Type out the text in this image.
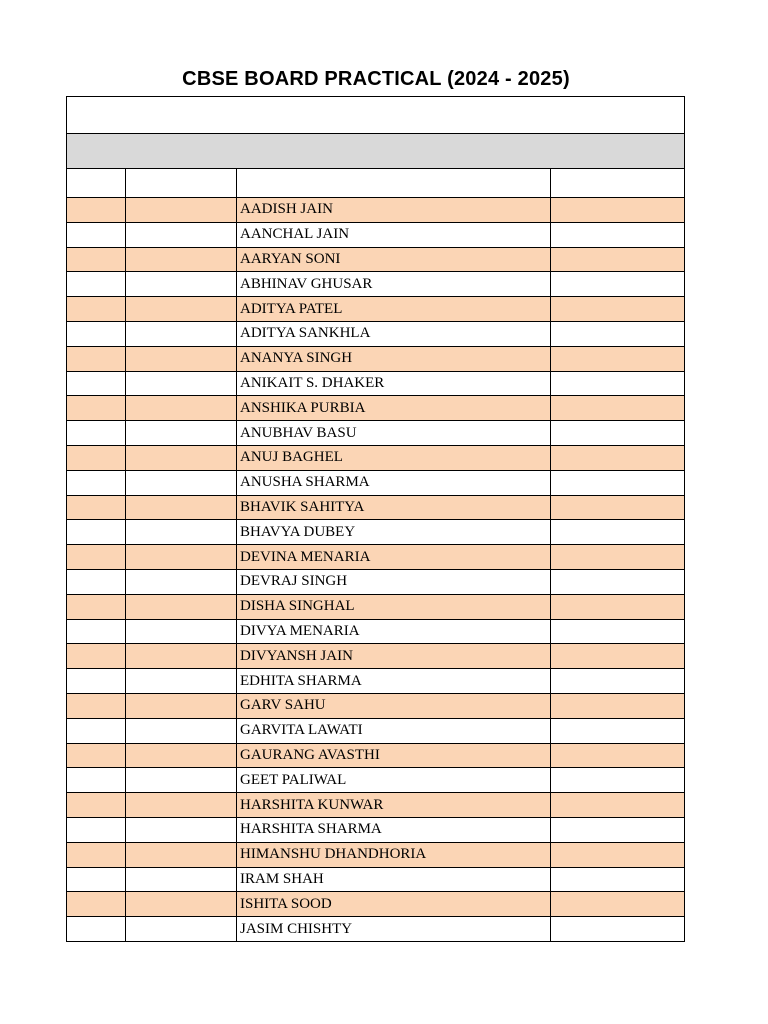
CBSE BOARD PRACTICAL (2024 - 2025)

		AADISH JAIN	
		AANCHAL JAIN	
		AARYAN SONI	
		ABHINAV GHUSAR	
		ADITYA PATEL	
		ADITYA SANKHLA	
		ANANYA SINGH	
		ANIKAIT S. DHAKER	
		ANSHIKA PURBIA	
		ANUBHAV BASU	
		ANUJ BAGHEL	
		ANUSHA SHARMA	
		BHAVIK SAHITYA	
		BHAVYA DUBEY	
		DEVINA MENARIA	
		DEVRAJ SINGH	
		DISHA SINGHAL	
		DIVYA MENARIA	
		DIVYANSH JAIN	
		EDHITA SHARMA	
		GARV SAHU	
		GARVITA LAWATI	
		GAURANG AVASTHI	
		GEET PALIWAL	
		HARSHITA KUNWAR	
		HARSHITA SHARMA	
		HIMANSHU DHANDHORIA	
		IRAM SHAH	
		ISHITA SOOD	
		JASIM CHISHTY	
